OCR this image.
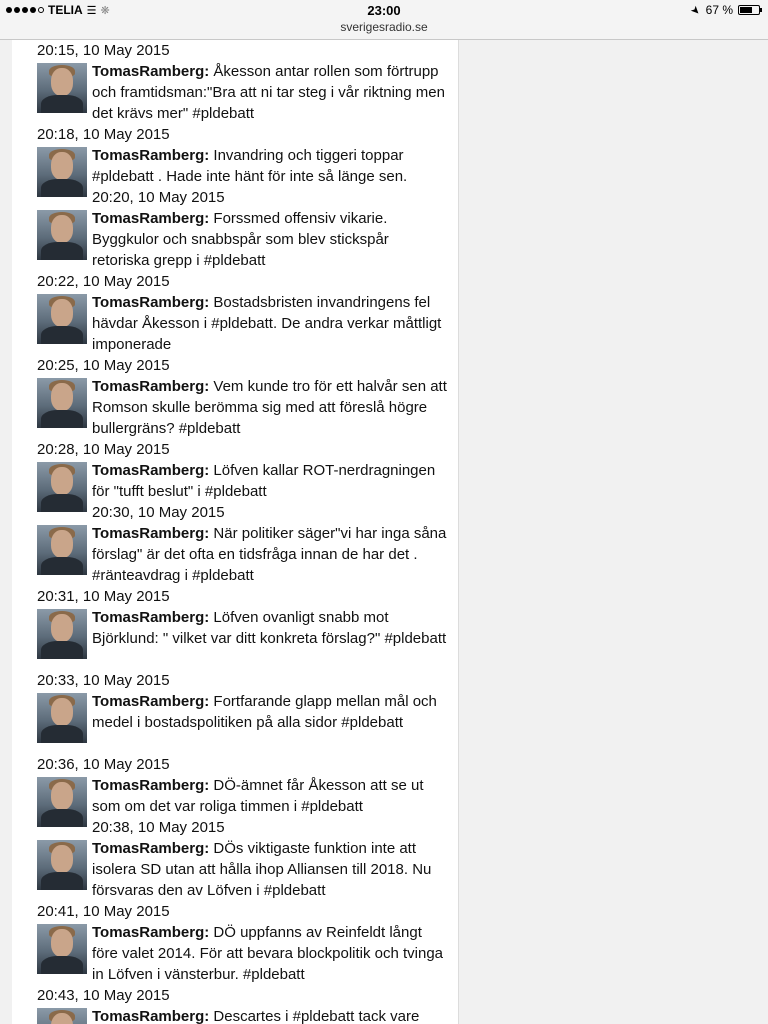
TELIA ☰ ❋	23:00	➤ 67 %
sverigesradio.se
20:15, 10 May 2015
TomasRamberg: Åkesson antar rollen som förtrupp och framtidsman:"Bra att ni tar steg i vår riktning men det krävs mer" #pldebatt
20:18, 10 May 2015
TomasRamberg: Invandring och tiggeri toppar #pldebatt . Hade inte hänt för inte så länge sen.
20:20, 10 May 2015
TomasRamberg: Forssmed offensiv vikarie. Byggkulor och snabbspår som blev stickspår retoriska grepp i #pldebatt
20:22, 10 May 2015
TomasRamberg: Bostadsbristen invandringens fel hävdar Åkesson i #pldebatt. De andra verkar måttligt imponerade
20:25, 10 May 2015
TomasRamberg: Vem kunde tro för ett halvår sen att Romson skulle berömma sig med att föreslå högre bullergräns? #pldebatt
20:28, 10 May 2015
TomasRamberg: Löfven kallar ROT-nerdragningen för "tufft beslut" i #pldebatt
20:30, 10 May 2015
TomasRamberg: När politiker säger"vi har inga såna förslag" är det ofta en tidsfråga innan de har det . #ränteavdrag i #pldebatt
20:31, 10 May 2015
TomasRamberg: Löfven ovanligt snabb mot Björklund: " vilket var ditt konkreta förslag?" #pldebatt
20:33, 10 May 2015
TomasRamberg: Fortfarande glapp mellan mål och medel i bostadspolitiken på alla sidor #pldebatt
20:36, 10 May 2015
TomasRamberg: DÖ-ämnet får Åkesson att se ut som om det var roliga timmen i #pldebatt
20:38, 10 May 2015
TomasRamberg: DÖs viktigaste funktion inte att isolera SD utan att hålla ihop Alliansen till 2018. Nu försvaras den av Löfven i #pldebatt
20:41, 10 May 2015
TomasRamberg: DÖ uppfanns av Reinfeldt långt före valet 2014. För att bevara blockpolitik och tvinga in Löfven i vänsterbur. #pldebatt
20:43, 10 May 2015
TomasRamberg: Descartes i #pldebatt tack vare
